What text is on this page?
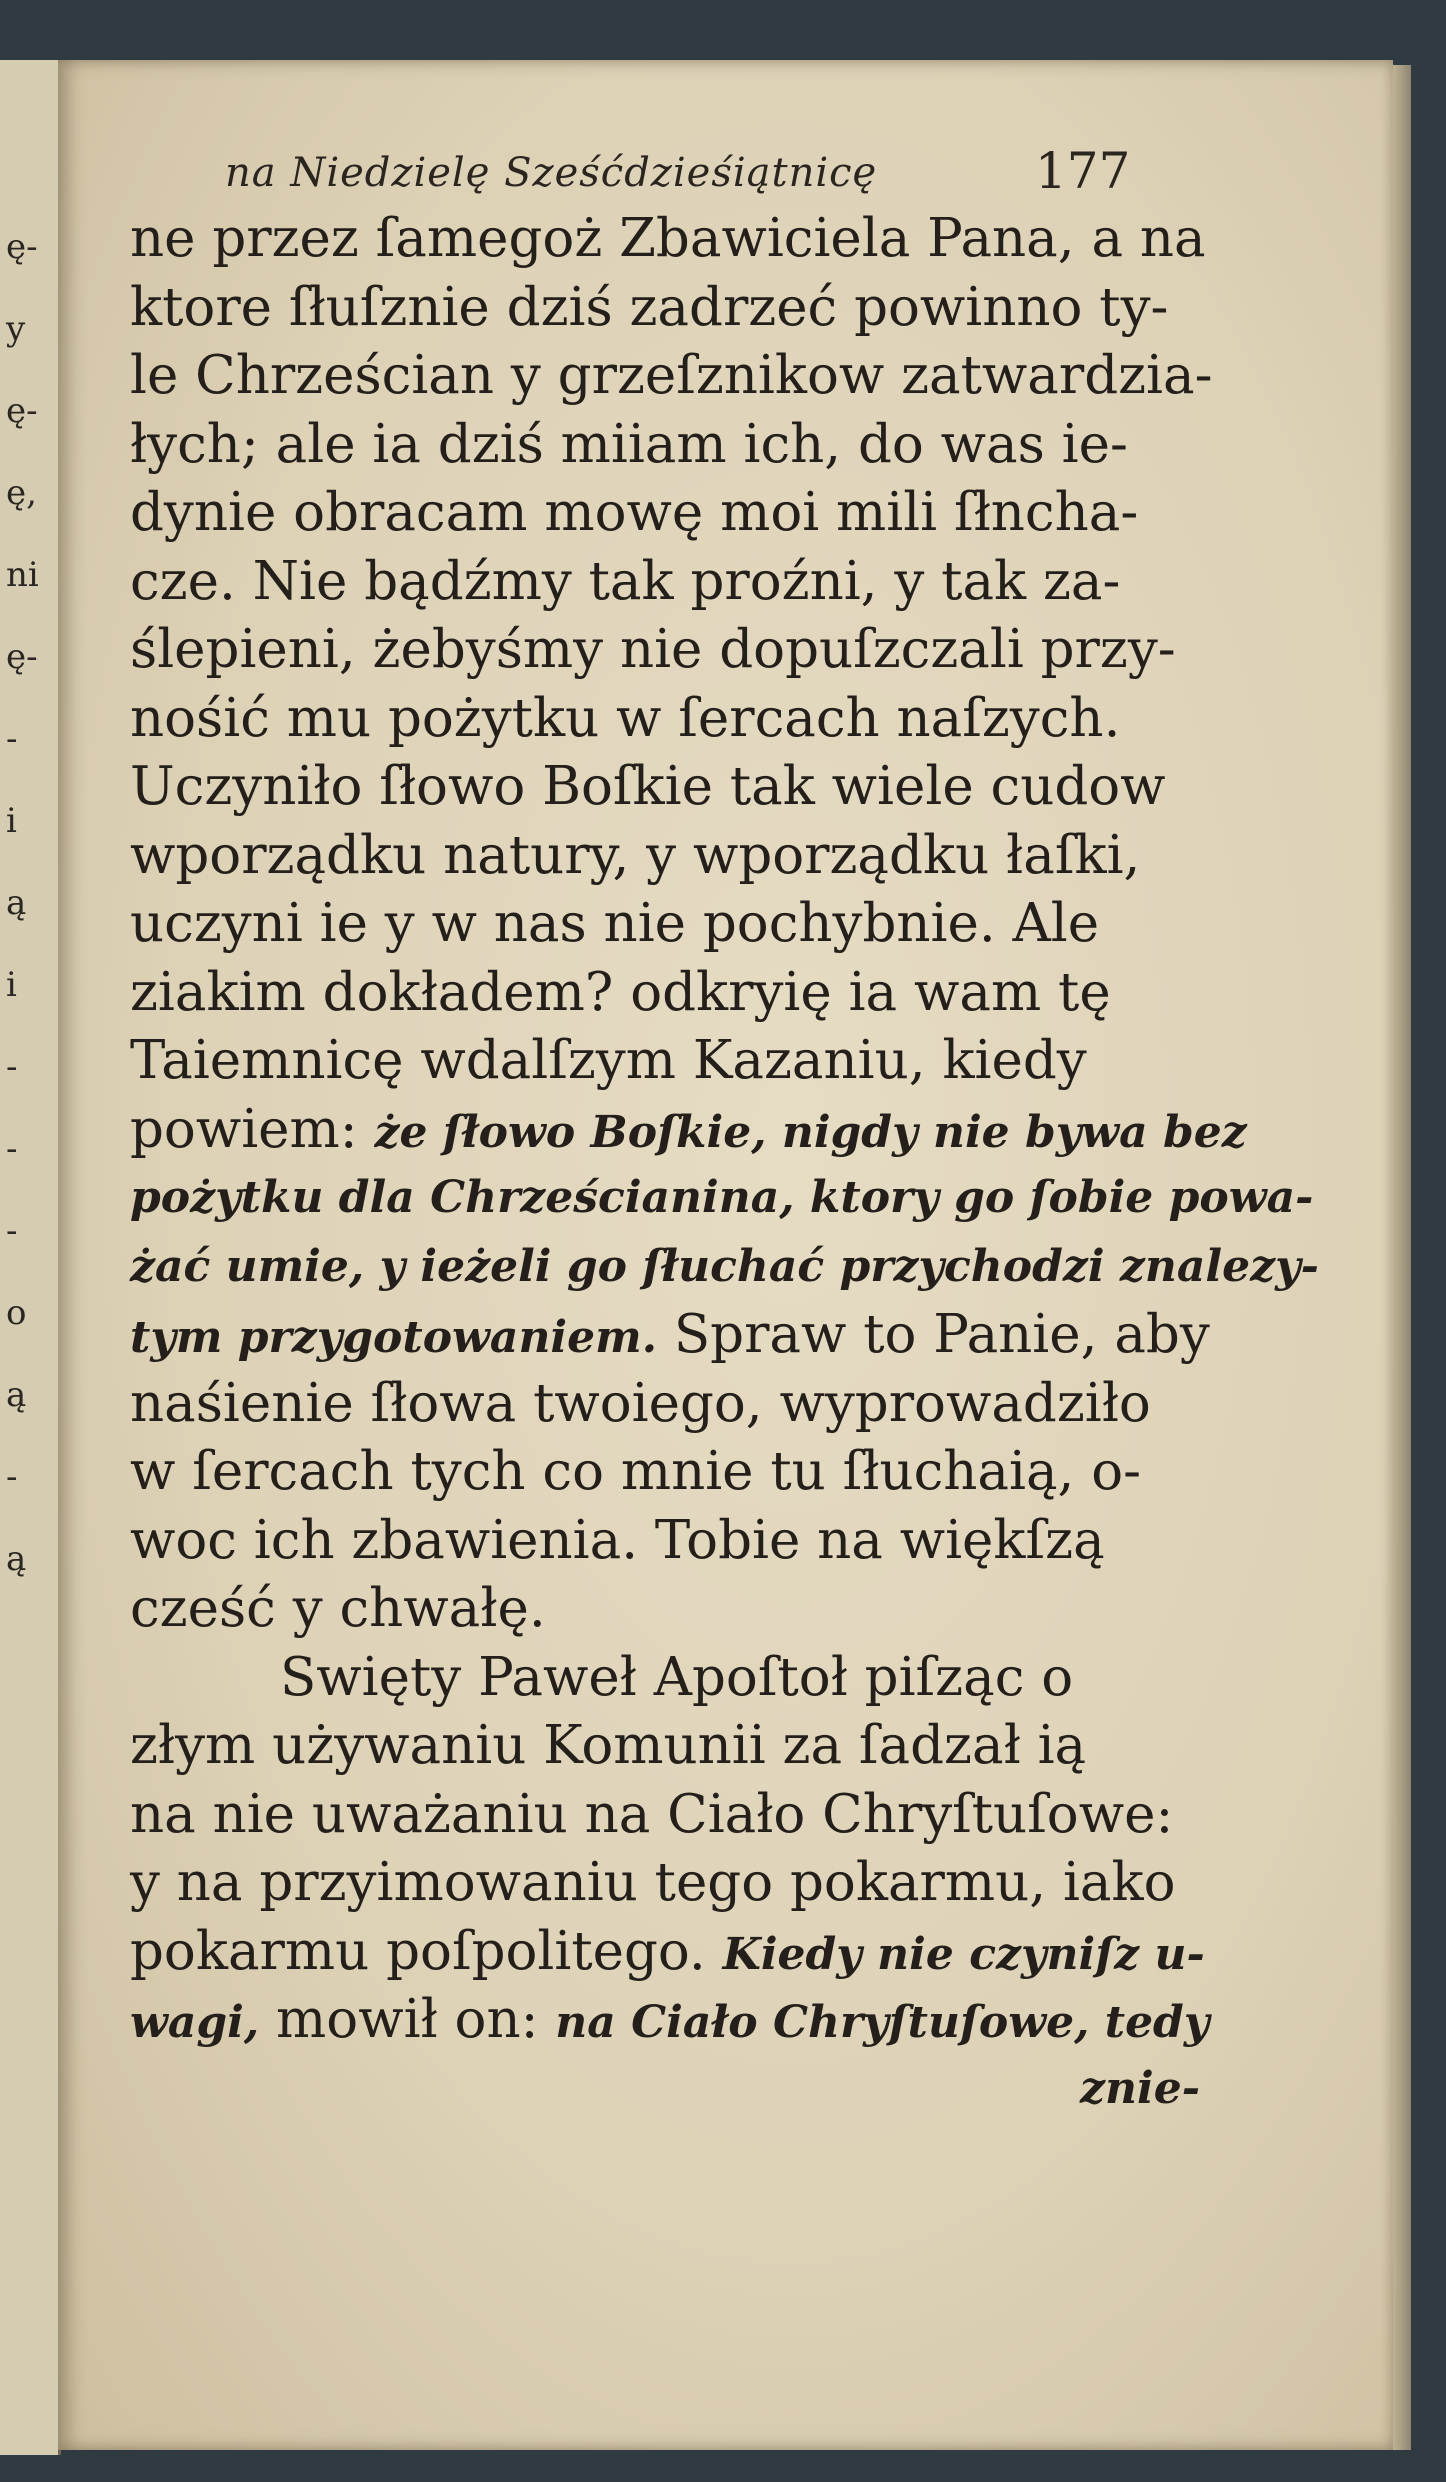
ę-
y
ę-
ę,
ni
ę-
-
i
ą
i
-
-
-
o
ą
-
ą
na Niedzielę Sześćdzieśiątnicę	177
ne przez ſamegoż Zbawiciela Pana, a na
ktore ſłuſznie dziś zadrzeć powinno ty-
le Chrześcian y grzeſznikow zatwardzia-
łych; ale ia dziś miiam ich, do was ie-
dynie obracam mowę moi mili ſłncha-
cze. Nie bądźmy tak proźni, y tak za-
ślepieni, żebyśmy nie dopuſzczali przy-
nośić mu pożytku w ſercach naſzych.
Uczyniło ſłowo Boſkie tak wiele cudow
wporządku natury, y wporządku łaſki,
uczyni ie y w nas nie pochybnie. Ale
ziakim dokładem? odkryię ia wam tę
Taiemnicę wdalſzym Kazaniu, kiedy
powiem: że ſłowo Boſkie, nigdy nie bywa bez
pożytku dla Chrześcianina, ktory go ſobie powa-
żać umie, y ieżeli go ſłuchać przychodzi znalezy-
tym przygotowaniem. Spraw to Panie, aby
naśienie ſłowa twoiego, wyprowadziło
w ſercach tych co mnie tu ſłuchaią, o-
woc ich zbawienia. Tobie na więkſzą
cześć y chwałę.
Swięty Paweł Apoſtoł piſząc o
złym używaniu Komunii za ſadzał ią
na nie uważaniu na Ciało Chryſtuſowe:
y na przyimowaniu tego pokarmu, iako
pokarmu poſpolitego. Kiedy nie czyniſz u-
wagi, mowił on: na Ciało Chryſtuſowe, tedy
znie-
